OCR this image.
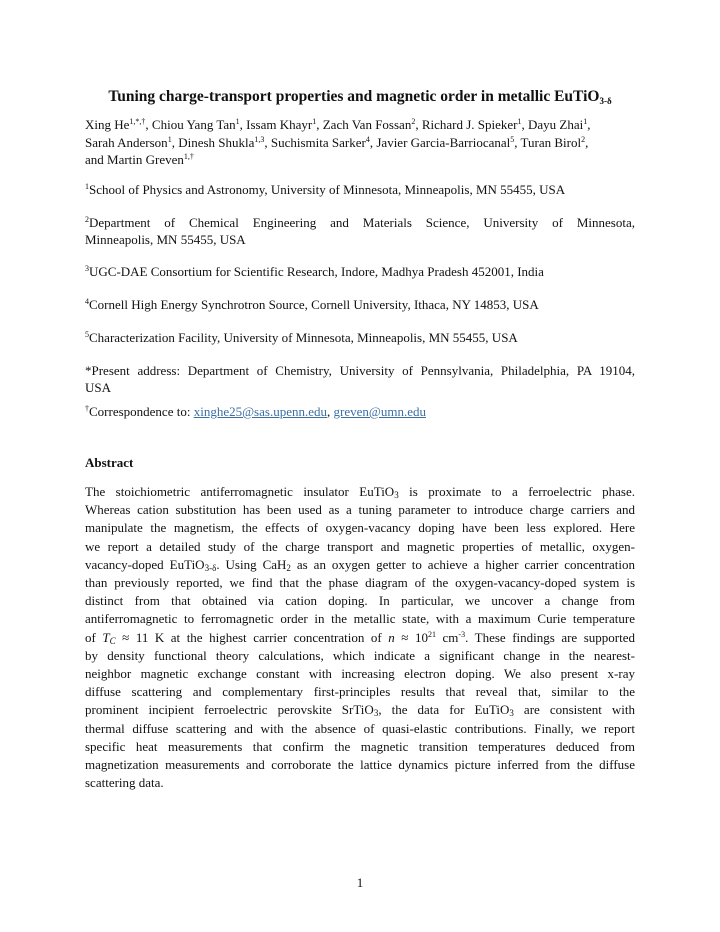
Tuning charge-transport properties and magnetic order in metallic EuTiO$_{3-\delta}$
Xing $He^{1,*,\dagger}$, Chiou Yang Tan$^1$, Issam Khayr$^1$, Zach Van Fossan$^2$, Richard J. Spieker$^1$, Dayu Zhai$^1$,
Sarah Anderson$^1$, Dinesh Shukla$^{1,3}$, Suchismita Sarker$^4$, Javier Garcia-Barriocanal$^5$, Turan Birol$^2$,
and Martin Greven$^{1,\dagger}$
$^1$School of Physics and Astronomy, University of Minnesota, Minneapolis, MN 55455, USA
$^2$Department of Chemical Engineering and Materials Science, University of Minnesota,
Minneapolis, MN 55455, USA
$^3$UGC-DAE Consortium for Scientific Research, Indore, Madhya Pradesh 452001, India
$^4$Cornell High Energy Synchrotron Source, Cornell University, Ithaca, NY 14853, USA
$^5$Characterization Facility, University of Minnesota, Minneapolis, MN 55455, USA
*Present address: Department of Chemistry, University of Pennsylvania, Philadelphia, PA 19104,
USA
†Correspondence to: xinghe25@sas.upenn.edu, greven@umn.edu
Abstract
The stoichiometric antiferromagnetic insulator EuTiO$_3$ is proximate to a ferroelectric phase.
Whereas cation substitution has been used as a tuning parameter to introduce charge carriers and
manipulate the magnetism, the effects of oxygen-vacancy doping have been less explored. Here
we report a detailed study of the charge transport and magnetic properties of metallic, oxygen-
vacancy-doped EuTiO$_{3-\delta}$. Using CaH$_2$ as an oxygen getter to achieve a higher carrier concentration
than previously reported, we find that the phase diagram of the oxygen-vacancy-doped system is
distinct from that obtained via cation doping. In particular, we uncover a change from
antiferromagnetic to ferromagnetic order in the metallic state, with a maximum Curie temperature
of $T_C \approx 11$ K at the highest carrier concentration of $n \approx 10^{21}$ $cm^{-3}$. These findings are supported
by density functional theory calculations, which indicate a significant change in the nearest-
neighbor magnetic exchange constant with increasing electron doping. We also present x-ray
diffuse scattering and complementary first-principles results that reveal that, similar to the
prominent incipient ferroelectric perovskite SrTiO$_3$, the data for EuTiO$_3$ are consistent with
thermal diffuse scattering and with the absence of quasi-elastic contributions. Finally, we report
specific heat measurements that confirm the magnetic transition temperatures deduced from
magnetization measurements and corroborate the lattice dynamics picture inferred from the diffuse
scattering data.
1
